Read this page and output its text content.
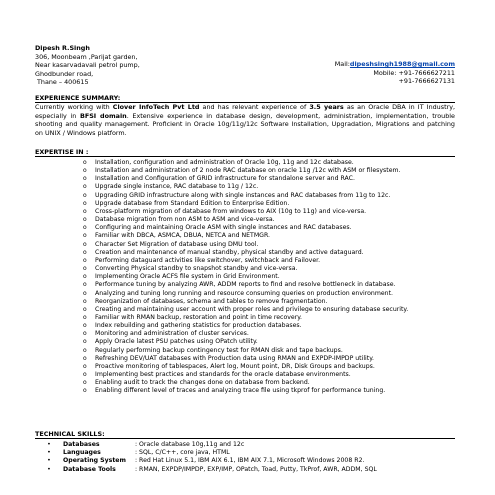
Dipesh R.Singh
306, Moonbeam ,Parijat garden,
Near kasarvadavali petrol pump,
Ghodbunder road,
Thane – 400615
Mail:dipeshsingh1988@gmail.com
Mobile: +91-7666627211
+91-7666627131
EXPERIENCE SUMMARY:

Currently working with Clover InfoTech Pvt Ltd and has relevant experience of 3.5 years as an Oracle DBA in IT Industry, especially in BFSI domain. Extensive experience in database design, development, administration, implementation, trouble shooting and quality management. Proficient in Oracle 10g/11g/12c Software Installation, Upgradation, Migrations and patching on UNIX / Windows platform.

EXPERTISE IN :
o Installation, configuration and administration of Oracle 10g, 11g and 12c database.
o Installation and administration of 2 node RAC database on oracle 11g /12c with ASM or filesystem.
o Installation and Configuration of GRID infrastructure for standalone server and RAC.
o Upgrade single instance, RAC database to 11g / 12c.
o Upgrading GRID infrastructure along with single instances and RAC databases from 11g to 12c.
o Upgrade database from Standard Edition to Enterprise Edition.
o Cross-platform migration of database from windows to AIX (10g to 11g) and vice-versa.
o Database migration from non ASM to ASM and vice-versa.
o Configuring and maintaining Oracle ASM with single instances and RAC databases.
o Familiar with DBCA, ASMCA, DBUA, NETCA and NETMGR.
o Character Set Migration of database using DMU tool.
o Creation and maintenance of manual standby, physical standby and active dataguard.
o Performing dataguard activities like switchover, switchback and Failover.
o Converting Physical standby to snapshot standby and vice-versa.
o Implementing Oracle ACFS file system in Grid Environment.
o Performance tuning by analyzing AWR, ADDM reports to find and resolve bottleneck in database.
o Analyzing and tuning long running and resource consuming queries on production environment.
o Reorganization of databases, schema and tables to remove fragmentation.
o Creating and maintaining user account with proper roles and privilege to ensuring database security.
o Familiar with RMAN backup, restoration and point in time recovery.
o Index rebuilding and gathering statistics for production databases.
o Monitoring and administration of cluster services.
o Apply Oracle latest PSU patches using OPatch utility.
o Regularly performing backup contingency test for RMAN disk and tape backups.
o Refreshing DEV/UAT databases with Production data using RMAN and EXPDP-IMPDP utility.
o Proactive monitoring of tablespaces, Alert log, Mount point, DR, Disk Groups and backups.
o Implementing best practices and standards for the oracle database environments.
o Enabling audit to track the changes done on database from backend.
o Enabling different level of traces and analyzing trace file using tkprof for performance tuning.
TECHNICAL SKILLS:
•	Databases	: Oracle database 10g,11g and 12c
•	Languages	: SQL, C/C++, core java, HTML
•	Operating System	: Red Hat Linux 5.1, IBM AIX 6.1, IBM AIX 7.1, Microsoft Windows 2008 R2.
•	Database Tools	: RMAN, EXPDP/IMPDP, EXP/IMP, OPatch, Toad, Putty, TkProf, AWR, ADDM, SQL
